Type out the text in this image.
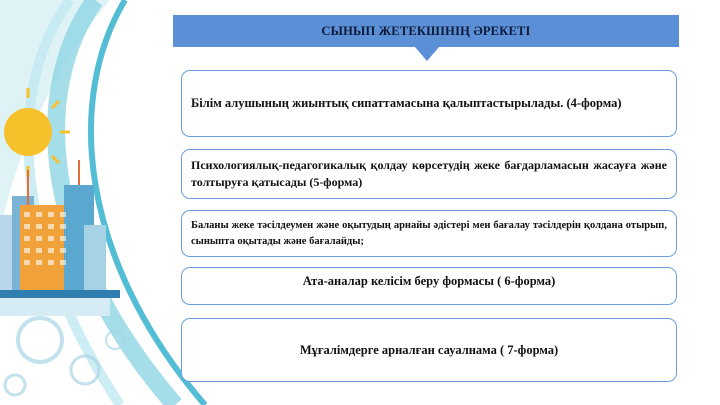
СЫНЫП ЖЕТЕКШІНІҢ ӘРЕКЕТІ
Білім алушының жиынтық сипаттамасына қалыптастырылады. (4-форма)
Психологиялық-педагогикалық қолдау көрсетудің жеке бағдарламасын жасауға және толтыруға қатысады (5-форма)
Баланы жеке тәсілдеумен және оқытудың арнайы әдістері мен бағалау тәсілдерін қолдана отырып, сыныпта оқытады және бағалайды;
Ата-аналар келісім беру формасы ( 6-форма)
Мұғалімдерге арналған сауалнама ( 7-форма)
